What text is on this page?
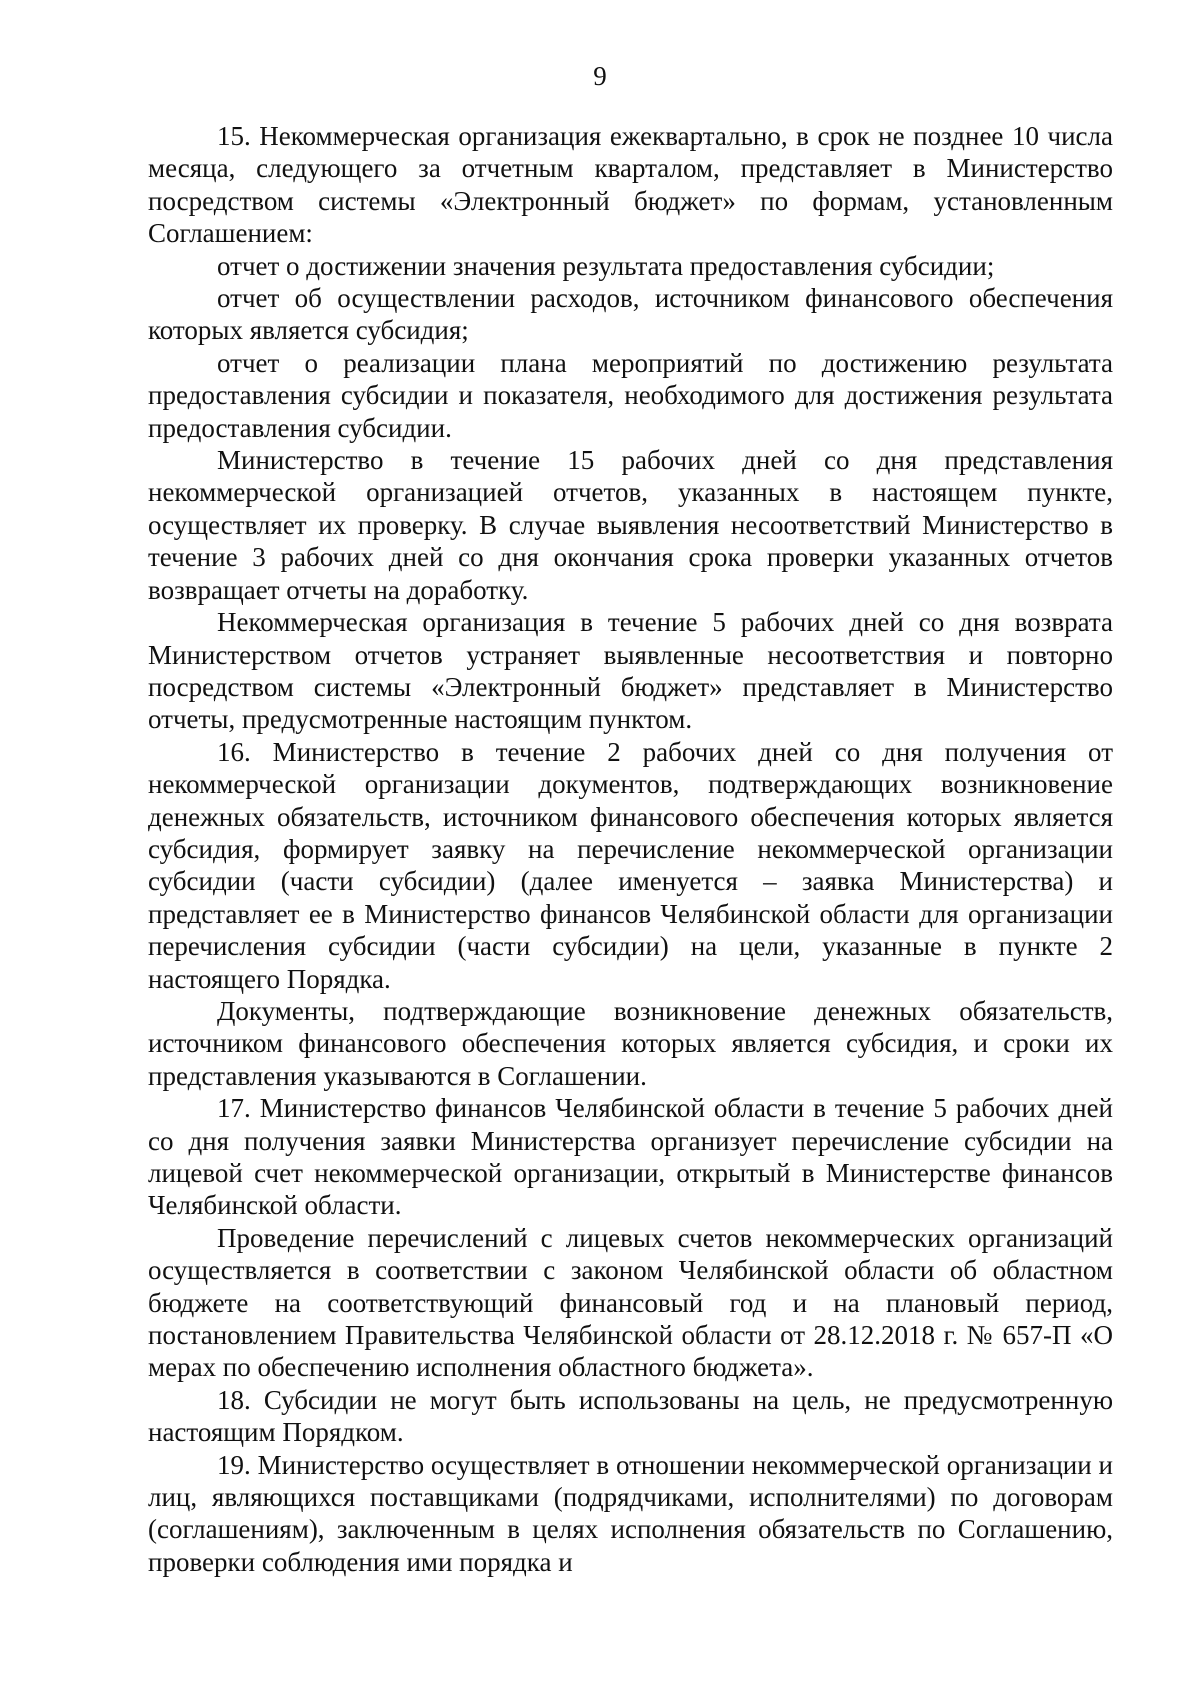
9

15. Некоммерческая организация ежеквартально, в срок не позднее 10 числа месяца, следующего за отчетным кварталом, представляет в Министерство посредством системы «Электронный бюджет» по формам, установленным Соглашением:

отчет о достижении значения результата предоставления субсидии;

отчет об осуществлении расходов, источником финансового обеспечения которых является субсидия;

отчет о реализации плана мероприятий по достижению результата предоставления субсидии и показателя, необходимого для достижения результата предоставления субсидии.

Министерство в течение 15 рабочих дней со дня представления некоммерческой организацией отчетов, указанных в настоящем пункте, осуществляет их проверку. В случае выявления несоответствий Министерство в течение 3 рабочих дней со дня окончания срока проверки указанных отчетов возвращает отчеты на доработку.

Некоммерческая организация в течение 5 рабочих дней со дня возврата Министерством отчетов устраняет выявленные несоответствия и повторно посредством системы «Электронный бюджет» представляет в Министерство отчеты, предусмотренные настоящим пунктом.

16. Министерство в течение 2 рабочих дней со дня получения от некоммерческой организации документов, подтверждающих возникновение денежных обязательств, источником финансового обеспечения которых является субсидия, формирует заявку на перечисление некоммерческой организации субсидии (части субсидии) (далее именуется – заявка Министерства) и представляет ее в Министерство финансов Челябинской области для организации перечисления субсидии (части субсидии) на цели, указанные в пункте 2 настоящего Порядка.

Документы, подтверждающие возникновение денежных обязательств, источником финансового обеспечения которых является субсидия, и сроки их представления указываются в Соглашении.

17. Министерство финансов Челябинской области в течение 5 рабочих дней со дня получения заявки Министерства организует перечисление субсидии на лицевой счет некоммерческой организации, открытый в Министерстве финансов Челябинской области.

Проведение перечислений с лицевых счетов некоммерческих организаций осуществляется в соответствии с законом Челябинской области об областном бюджете на соответствующий финансовый год и на плановый период, постановлением Правительства Челябинской области от 28.12.2018 г. № 657-П «О мерах по обеспечению исполнения областного бюджета».

18. Субсидии не могут быть использованы на цель, не предусмотренную настоящим Порядком.

19. Министерство осуществляет в отношении некоммерческой организации и лиц, являющихся поставщиками (подрядчиками, исполнителями) по договорам (соглашениям), заключенным в целях исполнения обязательств по Соглашению, проверки соблюдения ими порядка и
